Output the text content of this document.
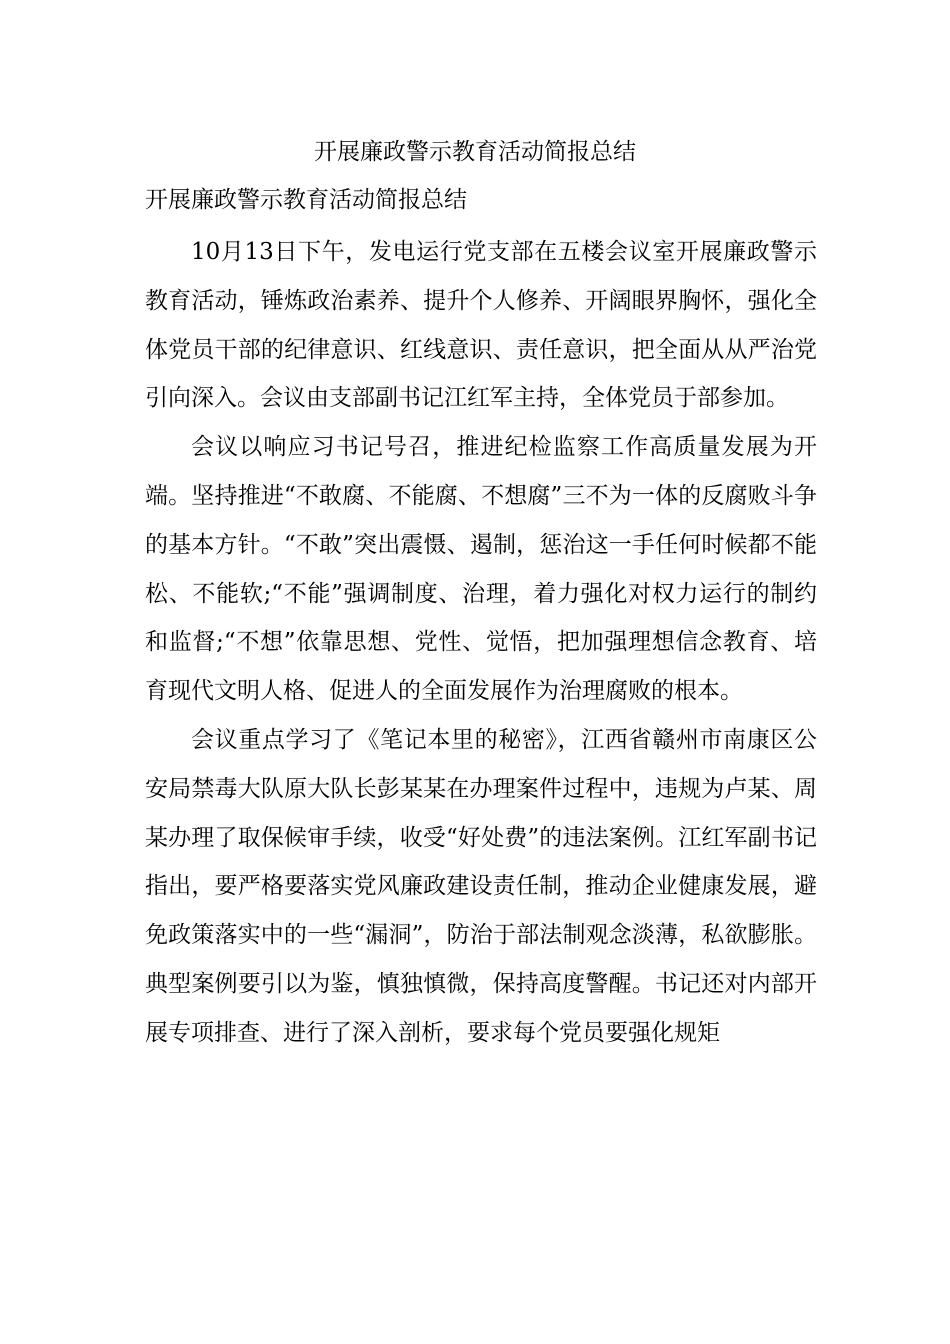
开展廉政警示教育活动简报总结
开展廉政警示教育活动简报总结

10月13日下午，发电运行党支部在五楼会议室开展廉政警示教育活动，锤炼政治素养、提升个人修养、开阔眼界胸怀，强化全体党员干部的纪律意识、红线意识、责任意识，把全面从从严治党引向深入。会议由支部副书记江红军主持，全体党员于部参加。

会议以响应习书记号召，推进纪检监察工作高质量发展为开端。坚持推进“不敢腐、不能腐、不想腐”三不为一体的反腐败斗争的基本方针。“不敢”突出震慑、遏制，惩治这一手任何时候都不能松、不能软;“不能”强调制度、治理，着力强化对权力运行的制约和监督;“不想”依靠思想、党性、觉悟，把加强理想信念教育、培育现代文明人格、促进人的全面发展作为治理腐败的根本。

会议重点学习了《笔记本里的秘密》，江西省赣州市南康区公安局禁毒大队原大队长彭某某在办理案件过程中，违规为卢某、周某办理了取保候审手续，收受“好处费”的违法案例。江红军副书记指出，要严格要落实党风廉政建设责任制，推动企业健康发展，避免政策落实中的一些“漏洞”，防治于部法制观念淡薄，私欲膨胀。典型案例要引以为鉴，慎独慎微，保持高度警醒。书记还对内部开展专项排查、进行了深入剖析，要求每个党员要强化规矩
